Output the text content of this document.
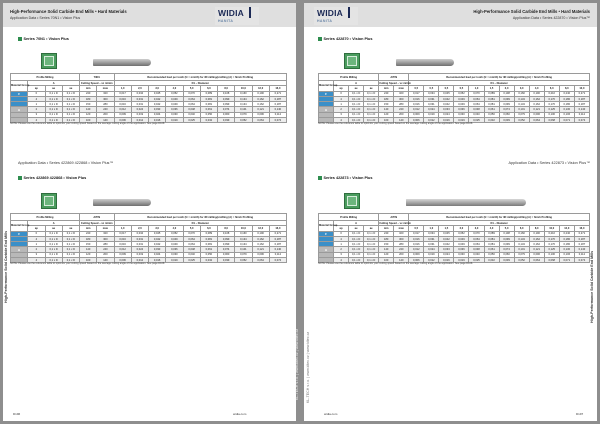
High-Performance Solid Carbide End Mills • Hard Materials
Application Data • Series 70N1 • Vision Plus	WIDIA
HANITA
Series 70N1 • Vision Plus
Profile Milling				70N1		Recommended feed per tooth (fz = mm/th) for 3D milling/profiling (A) = finish Profiling									
Material Group	A			Cutting Speed – vc m/min		D1 – Diameter									
	ap	ae	ae	min	max	1,0	2,0	3,0	4,0	5,0	6,0	8,0	10,0	12,0	16,0
F	0	0,1 x D	0,1 x D	240	320	0,017	0,034	0,045	0,052	0,070	0,089	0,108	0,160	0,190	0,271
	4	0,1 x D	0,1 x D	180	300	0,016	0,031	0,042	0,049	0,064	0,081	0,099	0,134	0,162	0,187
	1	0,1 x D	0,1 x D	150	280	0,016	0,031	0,042	0,049	0,064	0,081	0,099	0,134	0,162	0,187
H	2	0,1 x D	0,1 x D	140	240	0,012	0,024	0,033	0,036	0,048	0,061	0,074	0,101	0,121	0,140
	3	0,1 x D	0,1 x D	120	200	0,009	0,019	0,024	0,030	0,040	0,050	0,060	0,079	0,096	0,112
	4	0,1 x D	0,1 x D	100	140	0,006	0,012	0,016	0,019	0,025	0,032	0,039	0,052	0,064	0,074
NOTE: Please use the reference table to optimize your cutting speed based on the average cutting angle of the application. See page D108.
Application Data • Series 422869 422868 • Vision Plus™
Series 422869 422868 • Vision Plus
Profile Milling				AlTiN		Recommended feed per tooth (fz = mm/th) for 3D milling/profiling (A) = finish Profiling									
Material Group	A			Cutting Speed – vc m/min		D1 – Diameter									
	ap	ae	ae	min	max	1,0	2,0	3,0	4,0	5,0	6,0	8,0	10,0	12,0	16,0
F	0	0,1 x D	0,1 x D	240	320	0,017	0,034	0,045	0,052	0,070	0,089	0,108	0,160	0,190	0,271
	4	0,1 x D	0,1 x D	180	300	0,016	0,031	0,042	0,049	0,064	0,081	0,099	0,134	0,162	0,187
	1	0,1 x D	0,1 x D	150	280	0,016	0,031	0,042	0,049	0,064	0,081	0,099	0,134	0,162	0,187
H	2	0,1 x D	0,1 x D	140	240	0,012	0,024	0,033	0,036	0,048	0,061	0,074	0,101	0,121	0,140
	3	0,1 x D	0,1 x D	120	200	0,009	0,019	0,024	0,030	0,040	0,050	0,060	0,079	0,096	0,112
	4	0,1 x D	0,1 x D	100	140	0,006	0,012	0,016	0,019	0,025	0,032	0,039	0,052	0,064	0,074
NOTE: Please use the reference table to optimize your cutting speed based on the average cutting angle of the application. See page D108.
High-Performance Solid Carbide End Mills
D196	widia.com
KL-TECH s.r.o. | www.kltec.cz | www.kltec.cz
WIDIA
HANITA
High-Performance Solid Carbide End Mills • Hard Materials
Application Data • Series 422870 • Vision Plus™
Series 422870 • Vision Plus
Profile Milling				AlTiN		Recommended feed per tooth (fz = mm/th) for 3D milling/profiling (A) = finish Profiling											
Material Group	A			Cutting Speed – vc m/min		D1 – Diameter											
	ap	ae	ae	min	max	0,5	0,5	0,5	0,5	1,0	1,5	2,0	3,0	4,0	6,0	8,0	12,0
F	0	0,1 x D	0,1 x D	240	320	0,017	0,034	0,045	0,052	0,070	0,089	0,108	0,160	0,190	0,210	0,240	0,271
	4	0,1 x D	0,1 x D	180	300	0,016	0,031	0,042	0,049	0,064	0,081	0,099	0,134	0,162	0,170	0,180	0,187
	1	0,1 x D	0,1 x D	150	280	0,016	0,031	0,042	0,049	0,064	0,081	0,099	0,134	0,162	0,170	0,180	0,187
H	2	0,1 x D	0,1 x D	140	240	0,012	0,024	0,033	0,036	0,048	0,061	0,074	0,101	0,121	0,125	0,130	0,140
	3	0,1 x D	0,1 x D	120	200	0,009	0,019	0,024	0,030	0,040	0,050	0,060	0,079	0,096	0,100	0,106	0,112
	4	0,1 x D	0,1 x D	100	140	0,006	0,012	0,016	0,019	0,025	0,032	0,039	0,052	0,064	0,068	0,071	0,074
NOTE: Please use the reference table to optimize your cutting speed based on the average cutting angle of the application. See page D108.
Application Data • Series 422873 • Vision Plus™
Series 422873 • Vision Plus
Profile Milling				AlTiN		Recommended feed per tooth (fz = mm/th) for 3D milling/profiling (A) = finish Profiling											
Material Group	A			Cutting Speed – vc m/min		D1 – Diameter											
	ap	ae	ae	min	max	0,5	1,0	1,5	2,0	3,0	4,0	5,0	6,0	8,0	10,0	12,0	16,0
F	0	0,1 x D	0,1 x D	240	320	0,017	0,034	0,045	0,052	0,070	0,089	0,108	0,160	0,190	0,210	0,240	0,271
	4	0,1 x D	0,1 x D	180	300	0,016	0,031	0,042	0,049	0,064	0,081	0,099	0,134	0,162	0,170	0,180	0,187
	1	0,1 x D	0,1 x D	150	280	0,016	0,031	0,042	0,049	0,064	0,081	0,099	0,134	0,162	0,170	0,180	0,187
H	2	0,1 x D	0,1 x D	140	240	0,012	0,024	0,033	0,036	0,048	0,061	0,074	0,101	0,121	0,125	0,130	0,140
	3	0,1 x D	0,1 x D	120	200	0,009	0,019	0,024	0,030	0,040	0,050	0,060	0,079	0,096	0,100	0,106	0,112
	4	0,1 x D	0,1 x D	100	140	0,006	0,012	0,016	0,019	0,025	0,032	0,039	0,052	0,064	0,068	0,071	0,074
NOTE: Please use the reference table to optimize your cutting speed based on the average cutting angle of the application. See page D108.
KL-TECH s.r.o. | www.kltec.cz | www.kltec.cz
High-Performance Solid Carbide End Mills
widia.com	D197
